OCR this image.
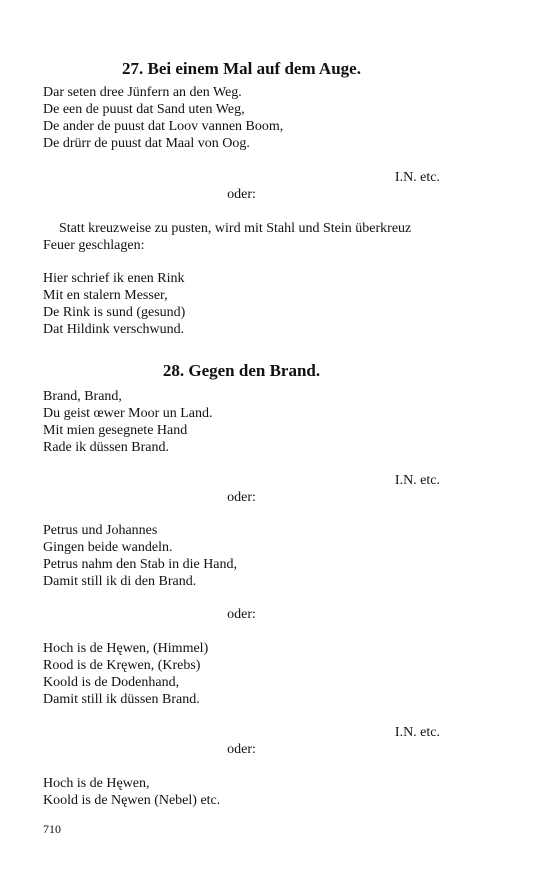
27. Bei einem Mal auf dem Auge.
Dar seten dree Jünfern an den Weg.
De een de puust dat Sand uten Weg,
De ander de puust dat Loov vannen Boom,
De drürr de puust dat Maal von Oog.
I.N. etc.
oder:
Statt kreuzweise zu pusten, wird mit Stahl und Stein überkreuz
Feuer geschlagen:
Hier schrief ik enen Rink
Mit en stalern Messer,
De Rink is sund (gesund)
Dat Hildink verschwund.
28. Gegen den Brand.
Brand, Brand,
Du geist œwer Moor un Land.
Mit mien gesegnete Hand
Rade ik düssen Brand.
I.N. etc.
oder:
Petrus und Johannes
Gingen beide wandeln.
Petrus nahm den Stab in die Hand,
Damit still ik di den Brand.
oder:
Hoch is de Hęwen, (Himmel)
Rood is de Kręwen, (Krebs)
Koold is de Dodenhand,
Damit still ik düssen Brand.
I.N. etc.
oder:
Hoch is de Hęwen,
Koold is de Nęwen (Nebel) etc.
710
